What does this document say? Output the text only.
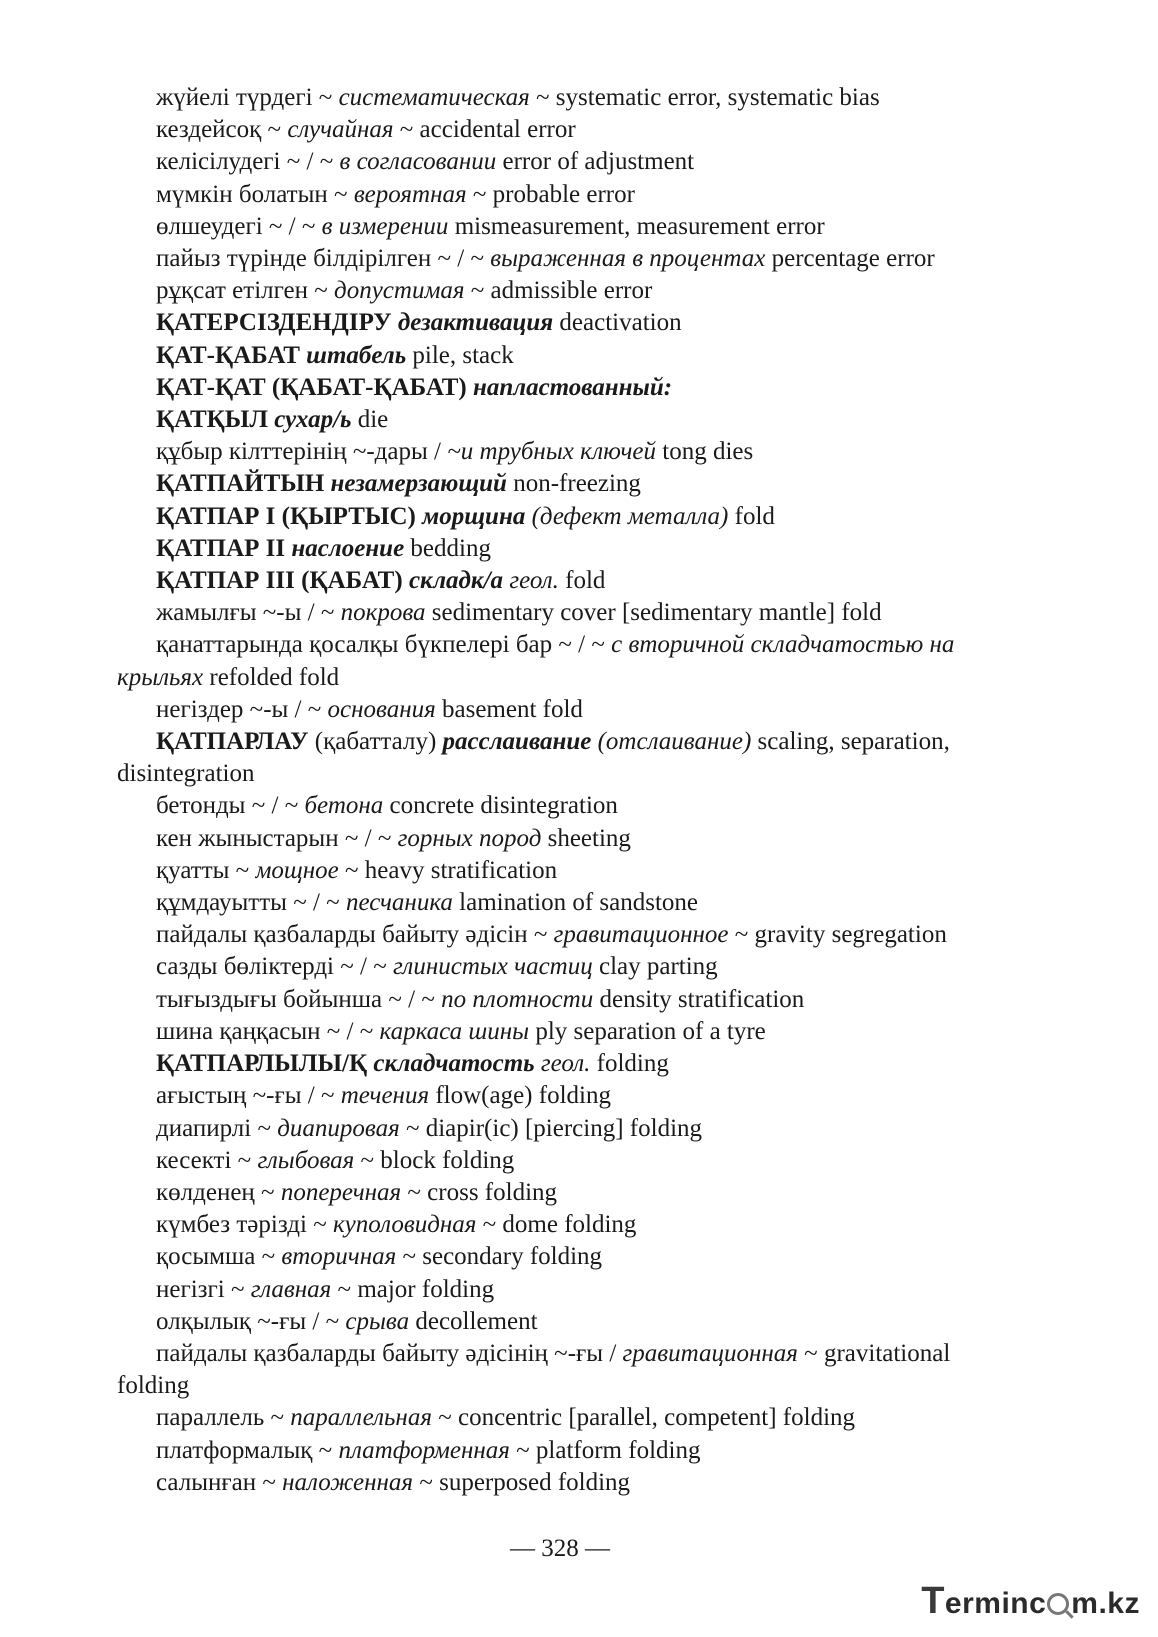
жүйелі түрдегі ~ систематическая ~ systematic error, systematic bias

кездейсоқ ~ случайная ~ accidental error

келісілудегі ~ / ~ в согласовании error of adjustment

мүмкін болатын ~ вероятная ~ probable error

өлшеудегі ~ / ~ в измерении mismeasurement, measurement error

пайыз түрінде білдірілген ~ / ~ выраженная в процентах percentage error

рұқсат етілген ~ допустимая ~ admissible error

ҚАТЕРСІЗДЕНДІРУ дезактивация deactivation

ҚАТ-ҚАБАТ штабель pile, stack

ҚАТ-ҚАТ (ҚАБАТ-ҚАБАТ) напластованный:

ҚАТҚЫЛ сухар/ь die

құбыр кілттерінің ~-дары / ~и трубных ключей tong dies

ҚАТПАЙТЫН незамерзающий non-freezing

ҚАТПАР I (ҚЫРТЫС) морщина (дефект металла) fold

ҚАТПАР II наслоение bedding

ҚАТПАР III (ҚАБАТ) складк/а геол. fold

жамылғы ~-ы / ~ покрова sedimentary cover [sedimentary mantle] fold

қанаттарында қосалқы бүкпелері бар ~ / ~ с вторичной складчатостью на крыльях refolded fold

негіздер ~-ы / ~ основания basement fold

ҚАТПАРЛАУ (қабатталу) расслаивание (отслаивание) scaling, separation, disintegration

бетонды ~ / ~ бетона concrete disintegration

кен жыныстарын ~ / ~ горных пород sheeting

қуатты ~ мощное ~ heavy stratification

құмдауытты ~ / ~ песчаника lamination of sandstone

пайдалы қазбаларды байыту әдісін ~ гравитационное ~ gravity segregation

сазды бөліктерді ~ / ~ глинистых частиц clay parting

тығыздығы бойынша ~ / ~ по плотности density stratification

шина қаңқасын ~ / ~ каркаса шины ply separation of a tyre

ҚАТПАРЛЫЛЫ/Қ складчатость геол. folding

ағыстың ~-ғы / ~ течения flow(age) folding

диапирлі ~ диапировая ~ diapir(ic) [piercing] folding

кесекті ~ глыбовая ~ block folding

көлденең ~ поперечная ~ cross folding

күмбез тәрізді ~ куполовидная ~ dome folding

қосымша ~ вторичная ~ secondary folding

негізгі ~ главная ~ major folding

олқылық ~-ғы / ~ срыва decollement

пайдалы қазбаларды байыту әдісінің ~-ғы / гравитационная ~ gravitational folding

параллель ~ параллельная ~ concentric [parallel, competent] folding

платформалық ~ платформенная ~ platform folding

салынған ~ наложенная ~ superposed folding

— 328 —
Terminc m.kz
